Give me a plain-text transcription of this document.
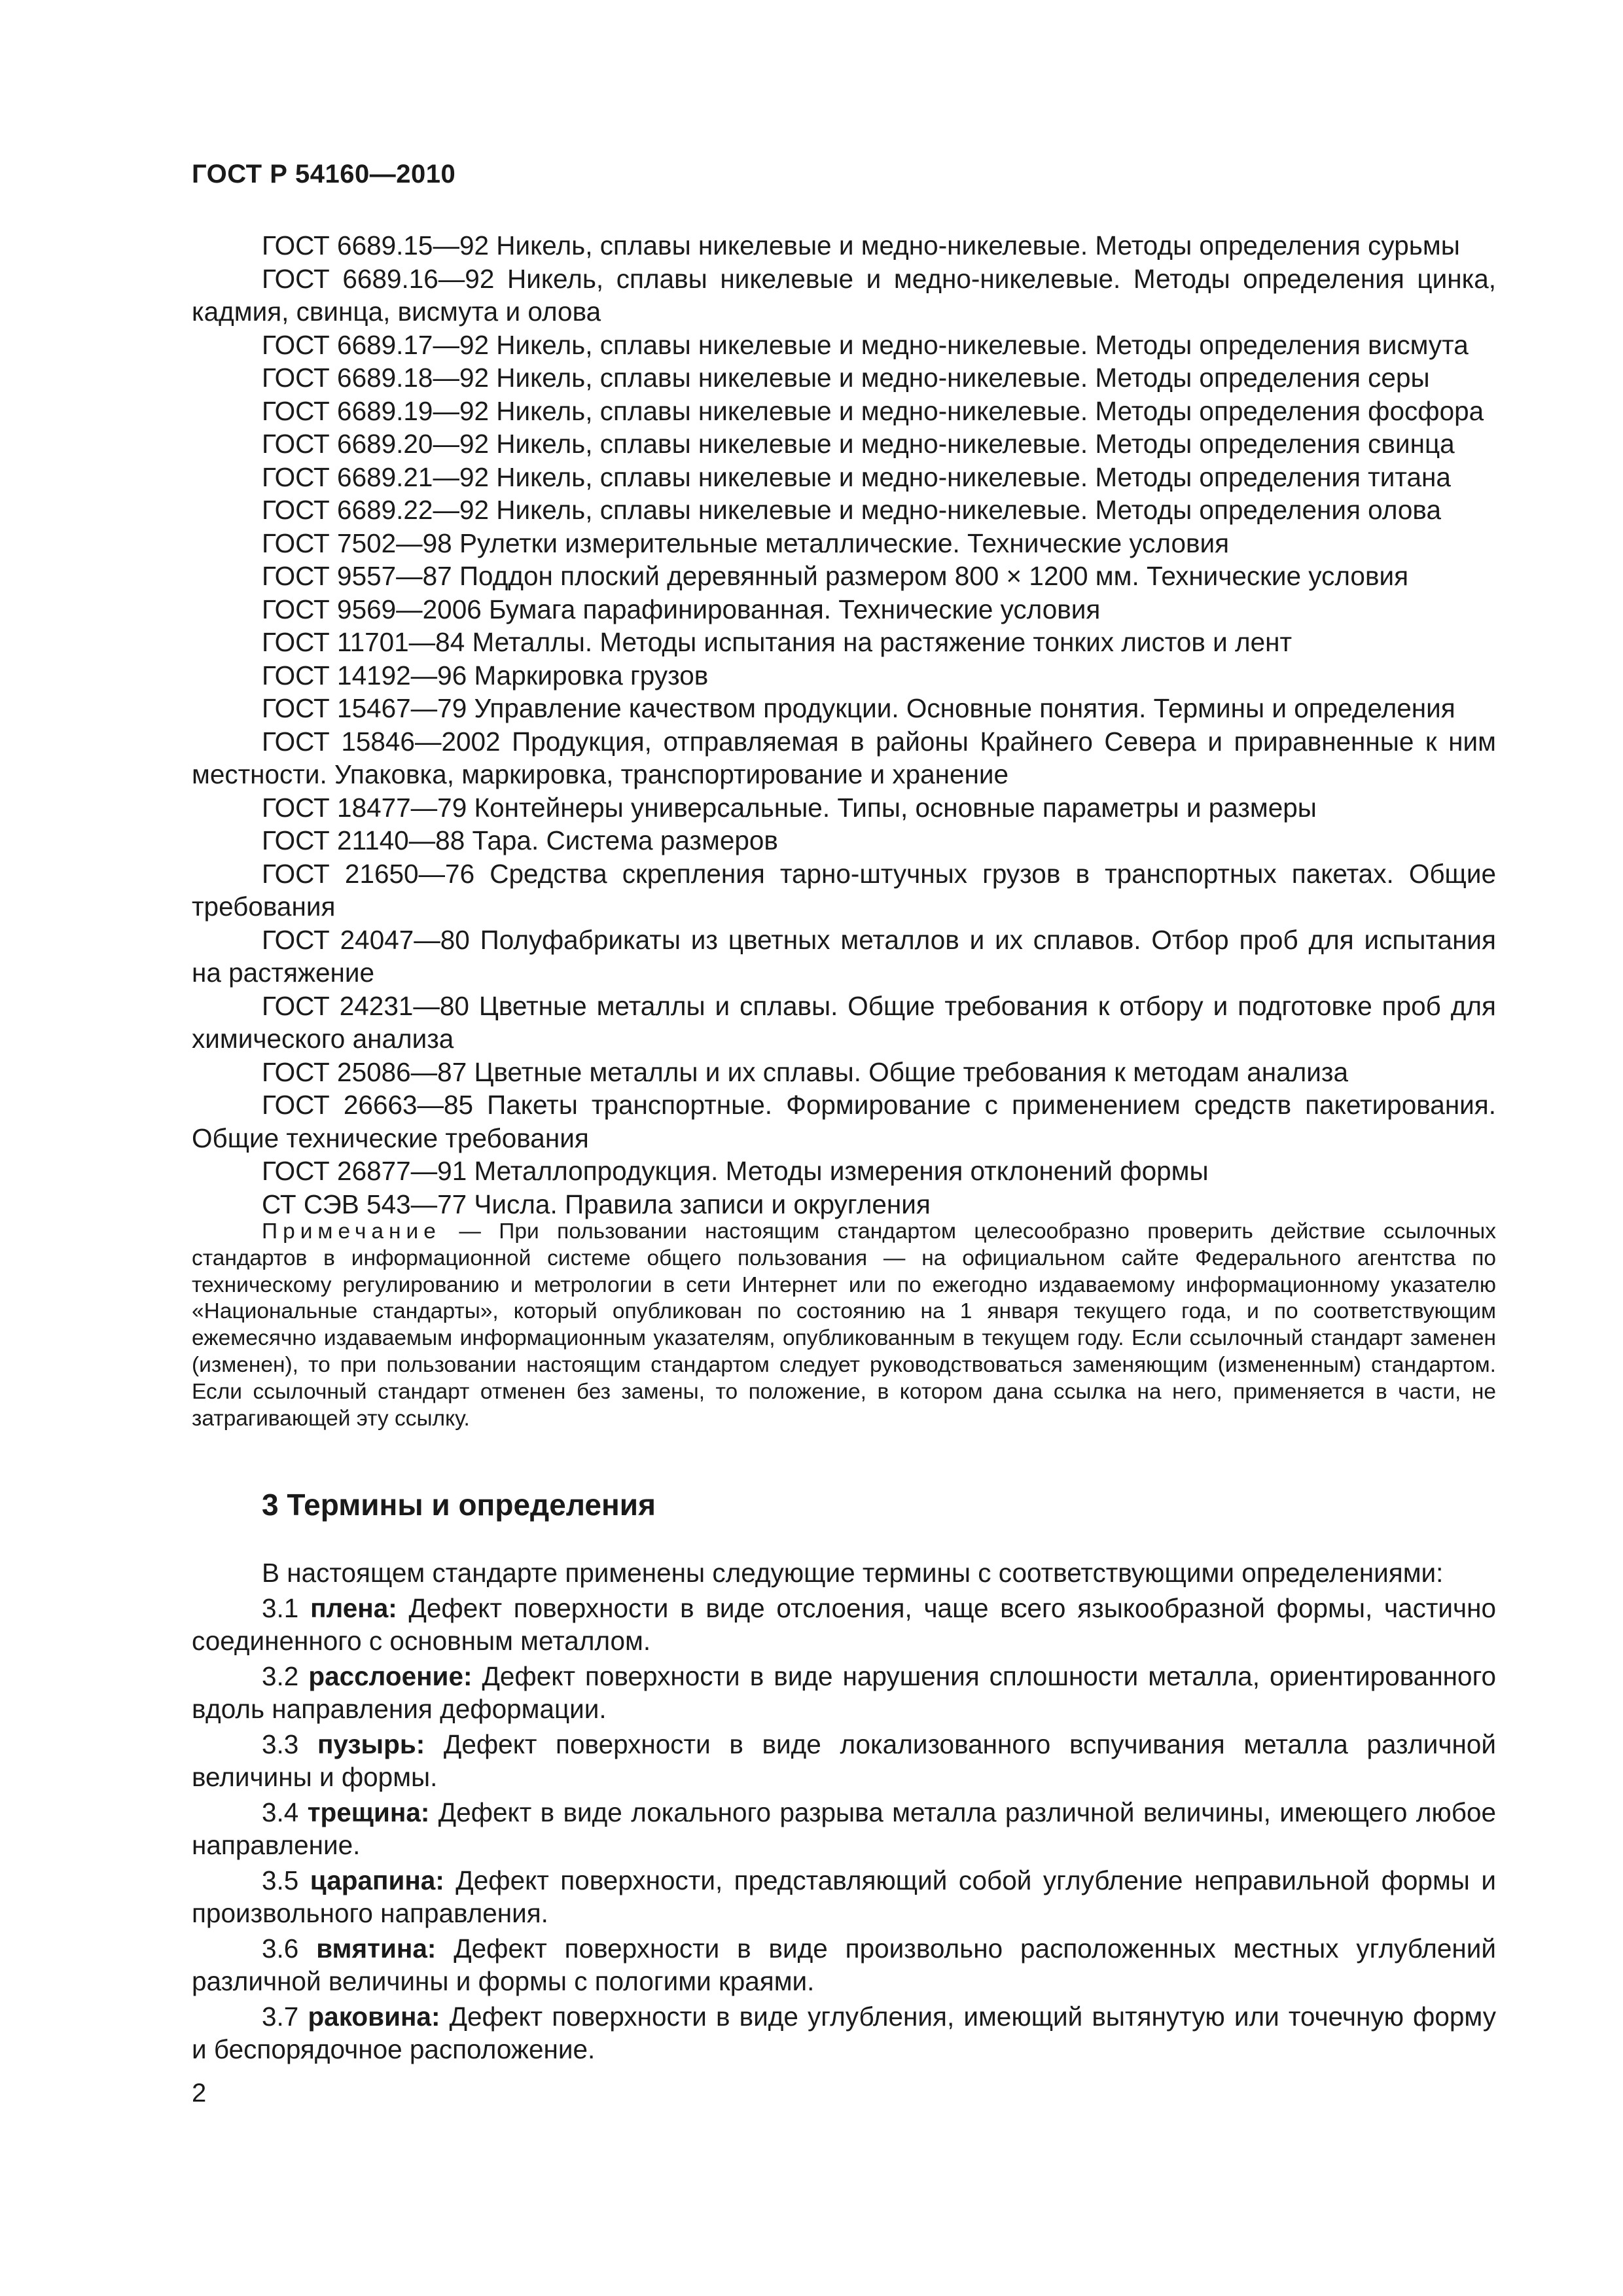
ГОСТ Р 54160—2010

ГОСТ 6689.15—92 Никель, сплавы никелевые и медно-никелевые. Методы определения сурьмы

ГОСТ 6689.16—92 Никель, сплавы никелевые и медно-никелевые. Методы определения цинка, кадмия, свинца, висмута и олова

ГОСТ 6689.17—92 Никель, сплавы никелевые и медно-никелевые. Методы определения висмута

ГОСТ 6689.18—92 Никель, сплавы никелевые и медно-никелевые. Методы определения серы

ГОСТ 6689.19—92 Никель, сплавы никелевые и медно-никелевые. Методы определения фосфора

ГОСТ 6689.20—92 Никель, сплавы никелевые и медно-никелевые. Методы определения свинца

ГОСТ 6689.21—92 Никель, сплавы никелевые и медно-никелевые. Методы определения титана

ГОСТ 6689.22—92 Никель, сплавы никелевые и медно-никелевые. Методы определения олова

ГОСТ 7502—98 Рулетки измерительные металлические. Технические условия

ГОСТ 9557—87 Поддон плоский деревянный размером 800 × 1200 мм. Технические условия

ГОСТ 9569—2006 Бумага парафинированная. Технические условия

ГОСТ 11701—84 Металлы. Методы испытания на растяжение тонких листов и лент

ГОСТ 14192—96 Маркировка грузов

ГОСТ 15467—79 Управление качеством продукции. Основные понятия. Термины и определения

ГОСТ 15846—2002 Продукция, отправляемая в районы Крайнего Севера и приравненные к ним местности. Упаковка, маркировка, транспортирование и хранение

ГОСТ 18477—79 Контейнеры универсальные. Типы, основные параметры и размеры

ГОСТ 21140—88 Тара. Система размеров

ГОСТ 21650—76 Средства скрепления тарно-штучных грузов в транспортных пакетах. Общие требования

ГОСТ 24047—80 Полуфабрикаты из цветных металлов и их сплавов. Отбор проб для испытания на растяжение

ГОСТ 24231—80 Цветные металлы и сплавы. Общие требования к отбору и подготовке проб для химического анализа

ГОСТ 25086—87 Цветные металлы и их сплавы. Общие требования к методам анализа

ГОСТ 26663—85 Пакеты транспортные. Формирование с применением средств пакетирования. Общие технические требования

ГОСТ 26877—91 Металлопродукция. Методы измерения отклонений формы

СТ СЭВ 543—77 Числа. Правила записи и округления

Примечание — При пользовании настоящим стандартом целесообразно проверить действие ссылочных стандартов в информационной системе общего пользования — на официальном сайте Федерального агентства по техническому регулированию и метрологии в сети Интернет или по ежегодно издаваемому информационному указателю «Национальные стандарты», который опубликован по состоянию на 1 января текущего года, и по соответствующим ежемесячно издаваемым информационным указателям, опубликованным в текущем году. Если ссылочный стандарт заменен (изменен), то при пользовании настоящим стандартом следует руководствоваться заменяющим (измененным) стандартом. Если ссылочный стандарт отменен без замены, то положение, в котором дана ссылка на него, применяется в части, не затрагивающей эту ссылку.
3 Термины и определения

В настоящем стандарте применены следующие термины с соответствующими определениями:

3.1 плена: Дефект поверхности в виде отслоения, чаще всего языкообразной формы, частично соединенного с основным металлом.

3.2 расслоение: Дефект поверхности в виде нарушения сплошности металла, ориентированного вдоль направления деформации.

3.3 пузырь: Дефект поверхности в виде локализованного вспучивания металла различной величины и формы.

3.4 трещина: Дефект в виде локального разрыва металла различной величины, имеющего любое направление.

3.5 царапина: Дефект поверхности, представляющий собой углубление неправильной формы и произвольного направления.

3.6 вмятина: Дефект поверхности в виде произвольно расположенных местных углублений различной величины и формы с пологими краями.

3.7 раковина: Дефект поверхности в виде углубления, имеющий вытянутую или точечную форму и беспорядочное расположение.

2
